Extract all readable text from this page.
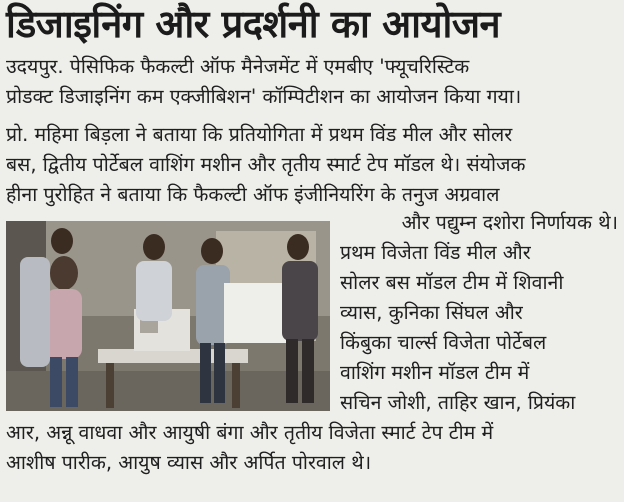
डिजाइनिंग और प्रदर्शनी का आयोजन
उदयपुर. पेसिफिक फैकल्टी ऑफ मैनेजमेंट में एमबीए 'फ्यूचरिस्टिक
प्रोडक्ट डिजाइनिंग कम एक्जीबिशन' कॉम्पिटीशन का आयोजन किया गया।
प्रो. महिमा बिड़ला ने बताया कि प्रतियोगिता में प्रथम विंड मील और सोलर
बस, द्वितीय पोर्टेबल वाशिंग मशीन और तृतीय स्मार्ट टेप मॉडल थे। संयोजक
हीना पुरोहित ने बताया कि फैकल्टी ऑफ इंजीनियरिंग के तनुज अग्रवाल
और पद्युम्न दशोरा निर्णायक थे।
प्रथम विजेता विंड मील और
सोलर बस मॉडल टीम में शिवानी
व्यास, कुनिका सिंघल और
किंबुका चार्ल्स विजेता पोर्टेबल
वाशिंग मशीन मॉडल टीम में
सचिन जोशी, ताहिर खान, प्रियंका
आर, अन्नू वाधवा और आयुषी बंगा और तृतीय विजेता स्मार्ट टेप टीम में
आशीष पारीक, आयुष व्यास और अर्पित पोरवाल थे।
